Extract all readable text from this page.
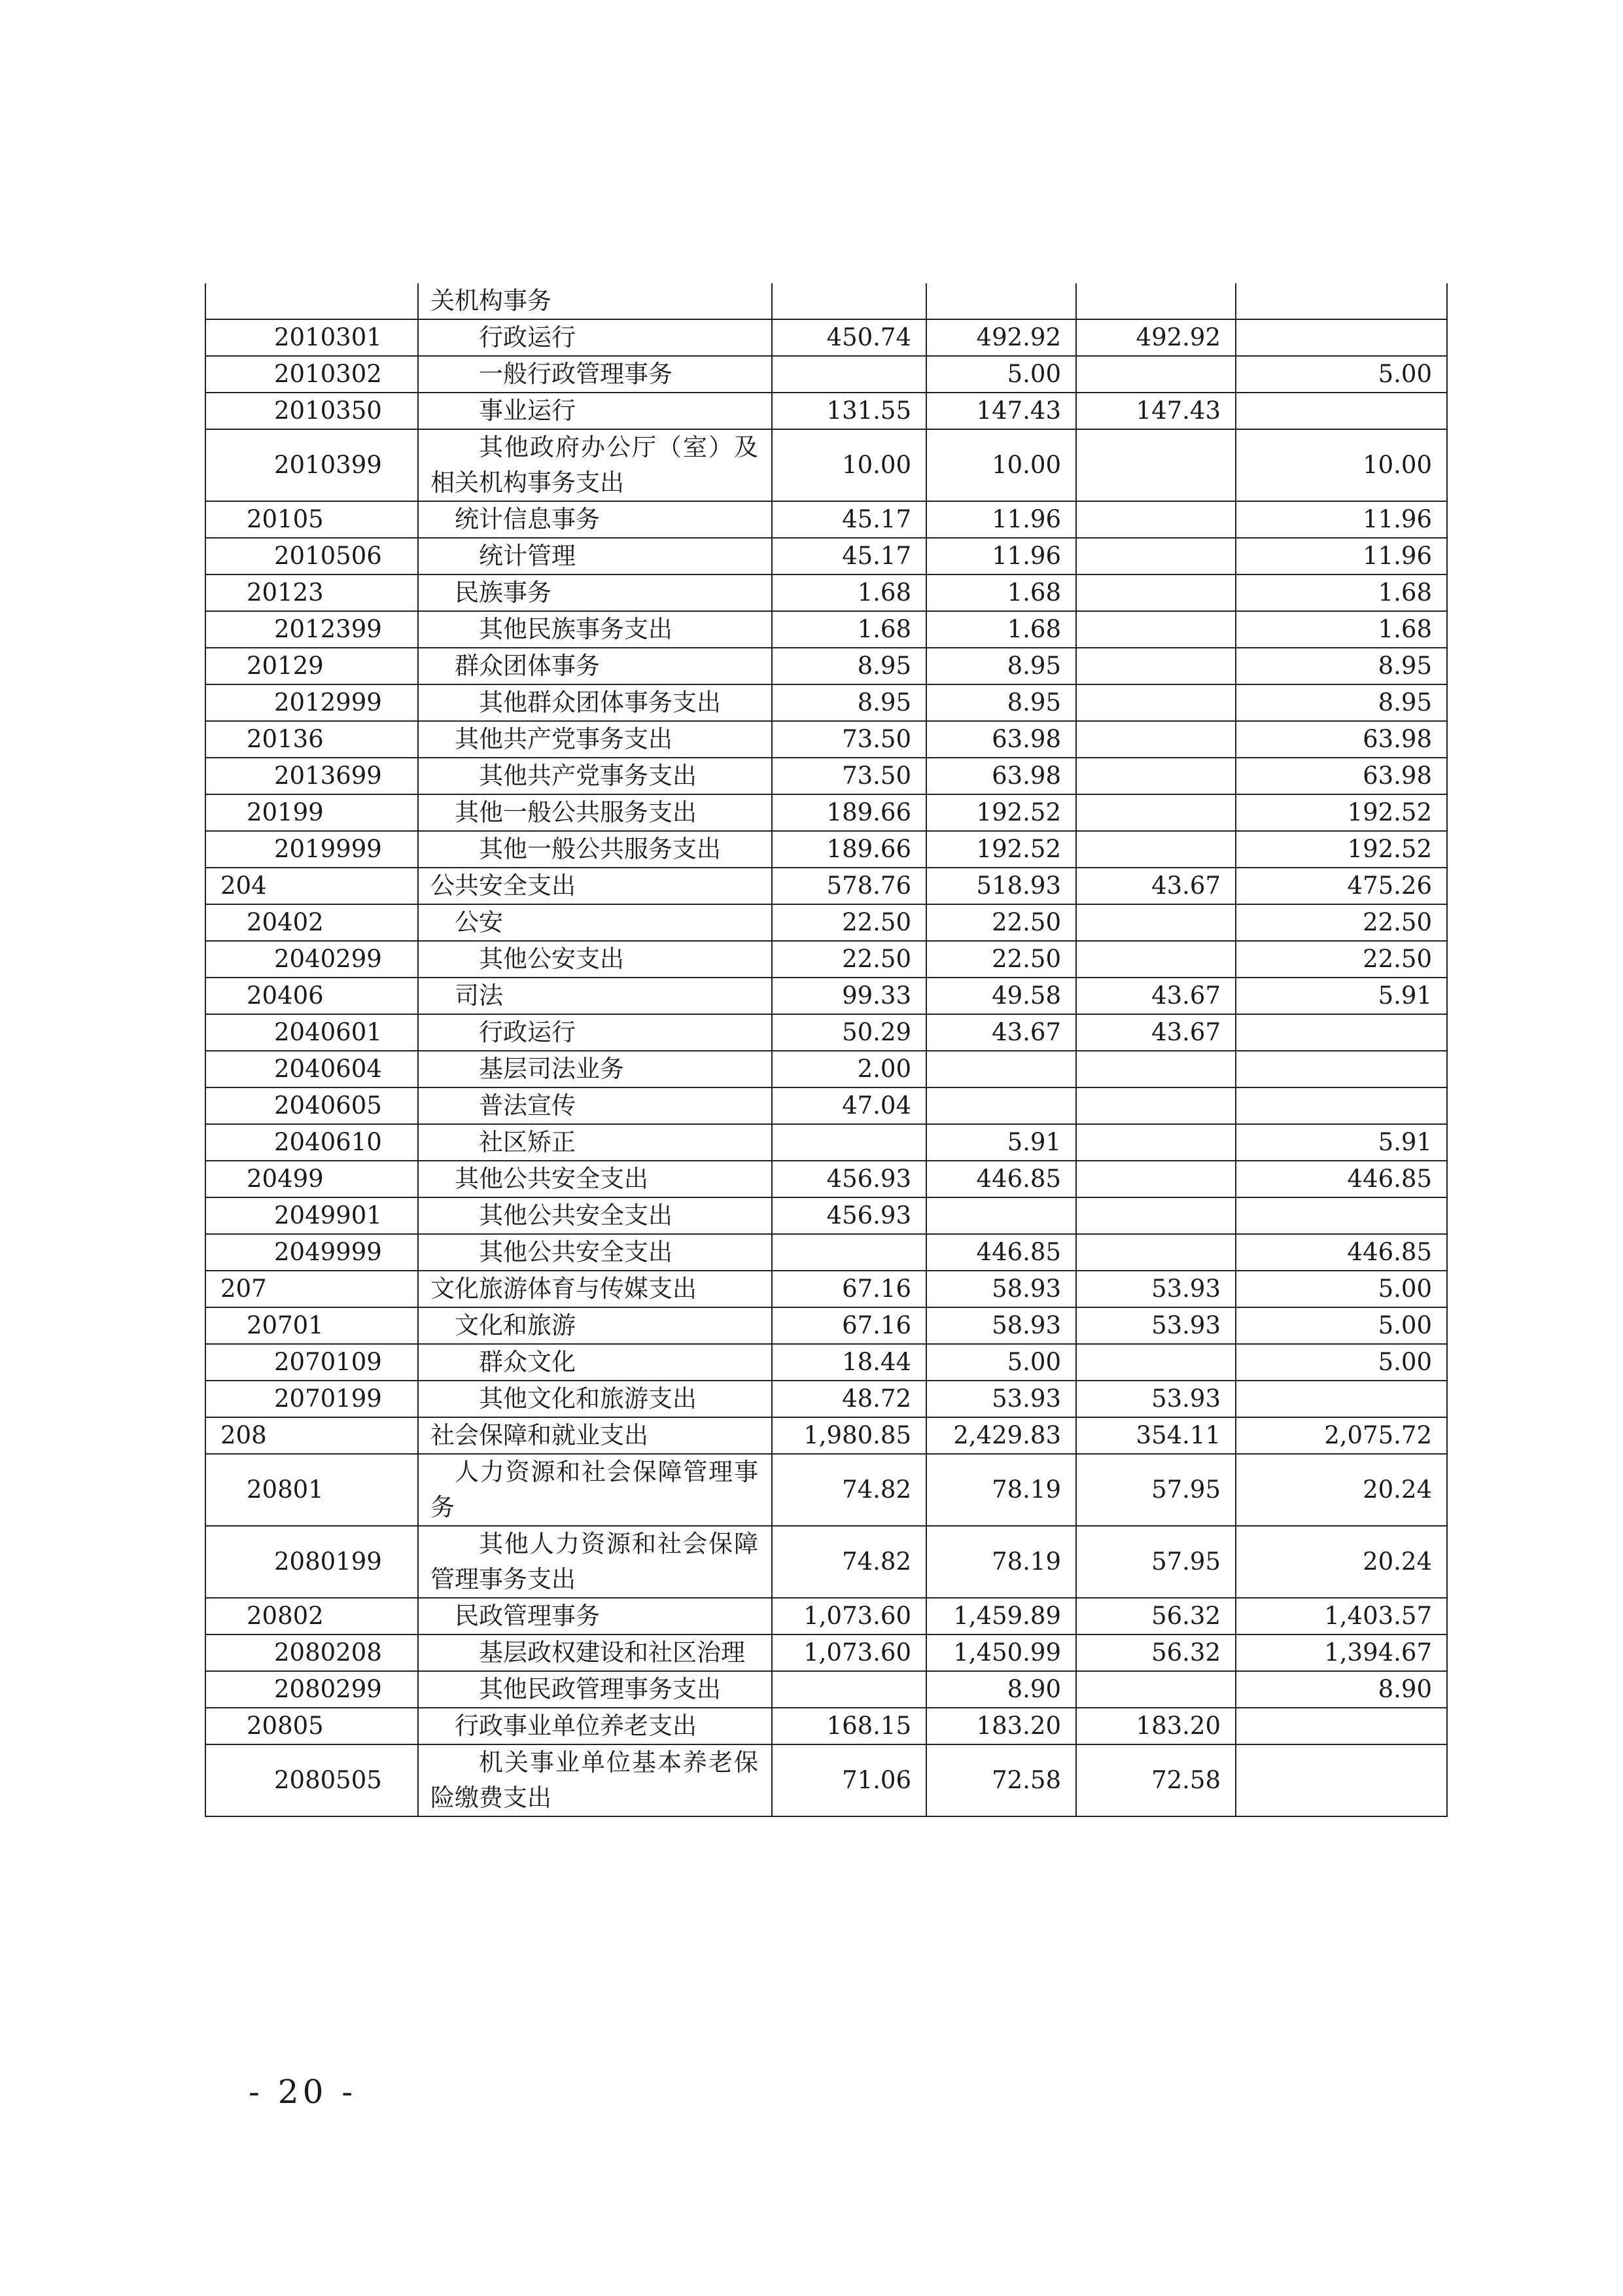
	关机构事务				
2010301	行政运行	450.74	492.92	492.92	
2010302	一般行政管理事务		5.00		5.00
2010350	事业运行	131.55	147.43	147.43	
2010399	其他政府办公厅（室）及相关机构事务支出	10.00	10.00		10.00
20105	统计信息事务	45.17	11.96		11.96
2010506	统计管理	45.17	11.96		11.96
20123	民族事务	1.68	1.68		1.68
2012399	其他民族事务支出	1.68	1.68		1.68
20129	群众团体事务	8.95	8.95		8.95
2012999	其他群众团体事务支出	8.95	8.95		8.95
20136	其他共产党事务支出	73.50	63.98		63.98
2013699	其他共产党事务支出	73.50	63.98		63.98
20199	其他一般公共服务支出	189.66	192.52		192.52
2019999	其他一般公共服务支出	189.66	192.52		192.52
204	公共安全支出	578.76	518.93	43.67	475.26
20402	公安	22.50	22.50		22.50
2040299	其他公安支出	22.50	22.50		22.50
20406	司法	99.33	49.58	43.67	5.91
2040601	行政运行	50.29	43.67	43.67	
2040604	基层司法业务	2.00			
2040605	普法宣传	47.04			
2040610	社区矫正		5.91		5.91
20499	其他公共安全支出	456.93	446.85		446.85
2049901	其他公共安全支出	456.93			
2049999	其他公共安全支出		446.85		446.85
207	文化旅游体育与传媒支出	67.16	58.93	53.93	5.00
20701	文化和旅游	67.16	58.93	53.93	5.00
2070109	群众文化	18.44	5.00		5.00
2070199	其他文化和旅游支出	48.72	53.93	53.93	
208	社会保障和就业支出	1,980.85	2,429.83	354.11	2,075.72
20801	人力资源和社会保障管理事务	74.82	78.19	57.95	20.24
2080199	其他人力资源和社会保障管理事务支出	74.82	78.19	57.95	20.24
20802	民政管理事务	1,073.60	1,459.89	56.32	1,403.57
2080208	基层政权建设和社区治理	1,073.60	1,450.99	56.32	1,394.67
2080299	其他民政管理事务支出		8.90		8.90
20805	行政事业单位养老支出	168.15	183.20	183.20	
2080505	机关事业单位基本养老保险缴费支出	71.06	72.58	72.58	
- 20 -
